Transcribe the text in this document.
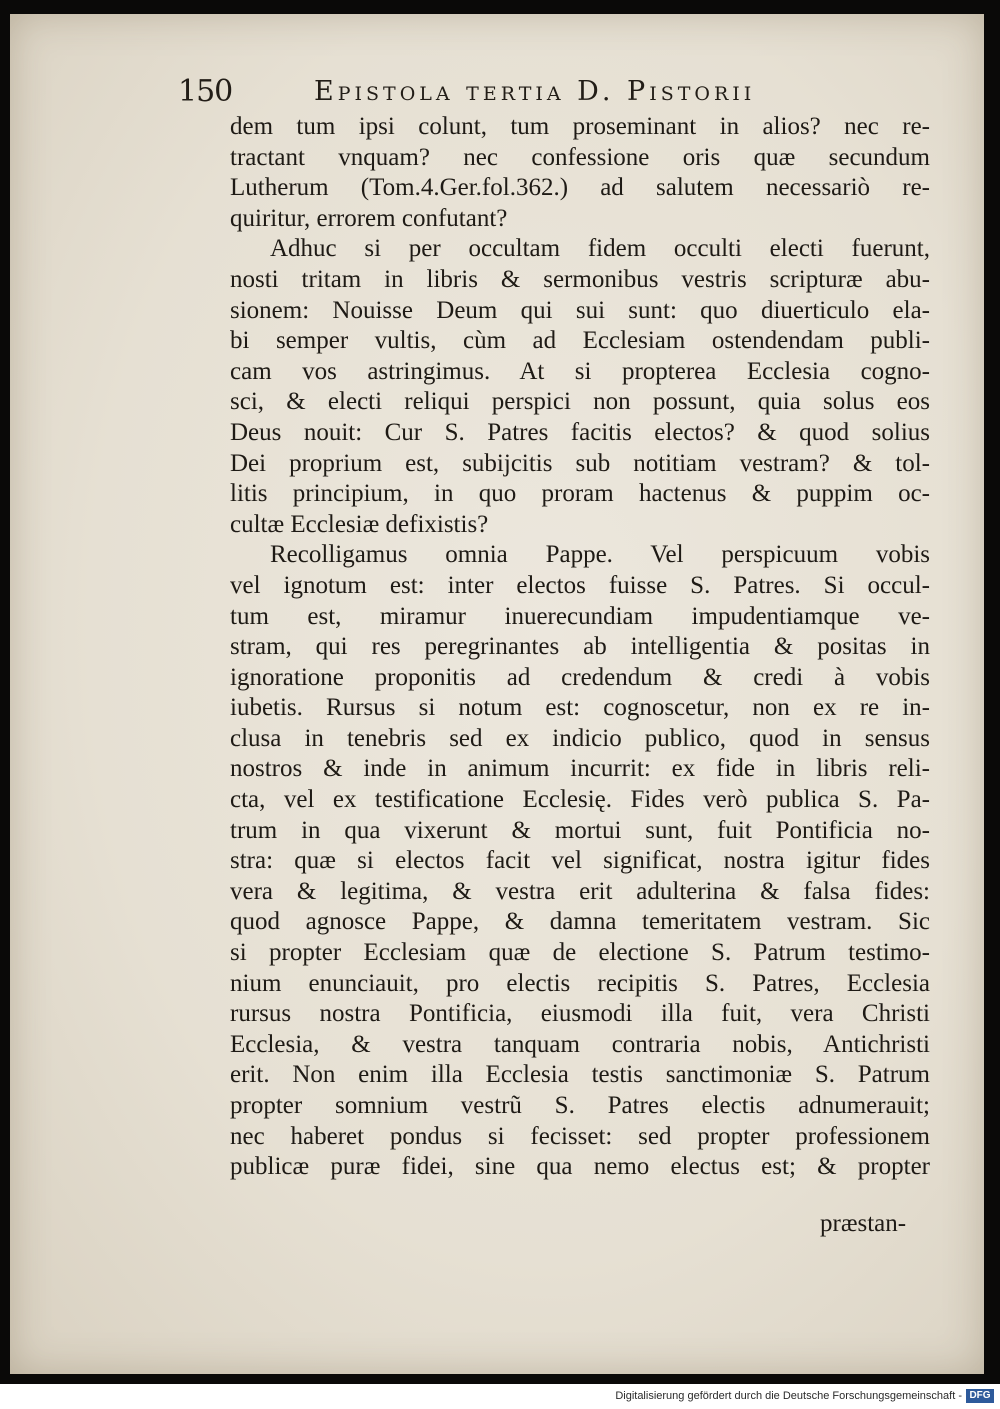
150	Epistola tertia D. Pistorii
dem tum ipsi colunt, tum proseminant in alios? nec re-
tractant vnquam? nec confessione oris quæ secundum
Lutherum (Tom.4.Ger.fol.362.) ad salutem necessariò re-
quiritur, errorem confutant?
Adhuc si per occultam fidem occulti electi fuerunt,
nosti tritam in libris & sermonibus vestris scripturæ abu-
sionem: Nouisse Deum qui sui sunt: quo diuerticulo ela-
bi semper vultis, cùm ad Ecclesiam ostendendam publi-
cam vos astringimus. At si propterea Ecclesia cogno-
sci, & electi reliqui perspici non possunt, quia solus eos
Deus nouit: Cur S. Patres facitis electos? & quod solius
Dei proprium est, subijcitis sub notitiam vestram? & tol-
litis principium, in quo proram hactenus & puppim oc-
cultæ Ecclesiæ defixistis?
Recolligamus omnia Pappe. Vel perspicuum vobis
vel ignotum est: inter electos fuisse S. Patres. Si occul-
tum est, miramur inuerecundiam impudentiamque ve-
stram, qui res peregrinantes ab intelligentia & positas in
ignoratione proponitis ad credendum & credi à vobis
iubetis. Rursus si notum est: cognoscetur, non ex re in-
clusa in tenebris sed ex indicio publico, quod in sensus
nostros & inde in animum incurrit: ex fide in libris reli-
cta, vel ex testificatione Ecclesię. Fides verò publica S. Pa-
trum in qua vixerunt & mortui sunt, fuit Pontificia no-
stra: quæ si electos facit vel significat, nostra igitur fides
vera & legitima, & vestra erit adulterina & falsa fides:
quod agnosce Pappe, & damna temeritatem vestram. Sic
si propter Ecclesiam quæ de electione S. Patrum testimo-
nium enunciauit, pro electis recipitis S. Patres, Ecclesia
rursus nostra Pontificia, eiusmodi illa fuit, vera Christi
Ecclesia, & vestra tanquam contraria nobis, Antichristi
erit. Non enim illa Ecclesia testis sanctimoniæ S. Patrum
propter somnium vestrũ S. Patres electis adnumerauit;
nec haberet pondus si fecisset: sed propter professionem
publicæ puræ fidei, sine qua nemo electus est; & propter
præstan-
Digitalisierung gefördert durch die Deutsche Forschungsgemeinschaft - DFG
